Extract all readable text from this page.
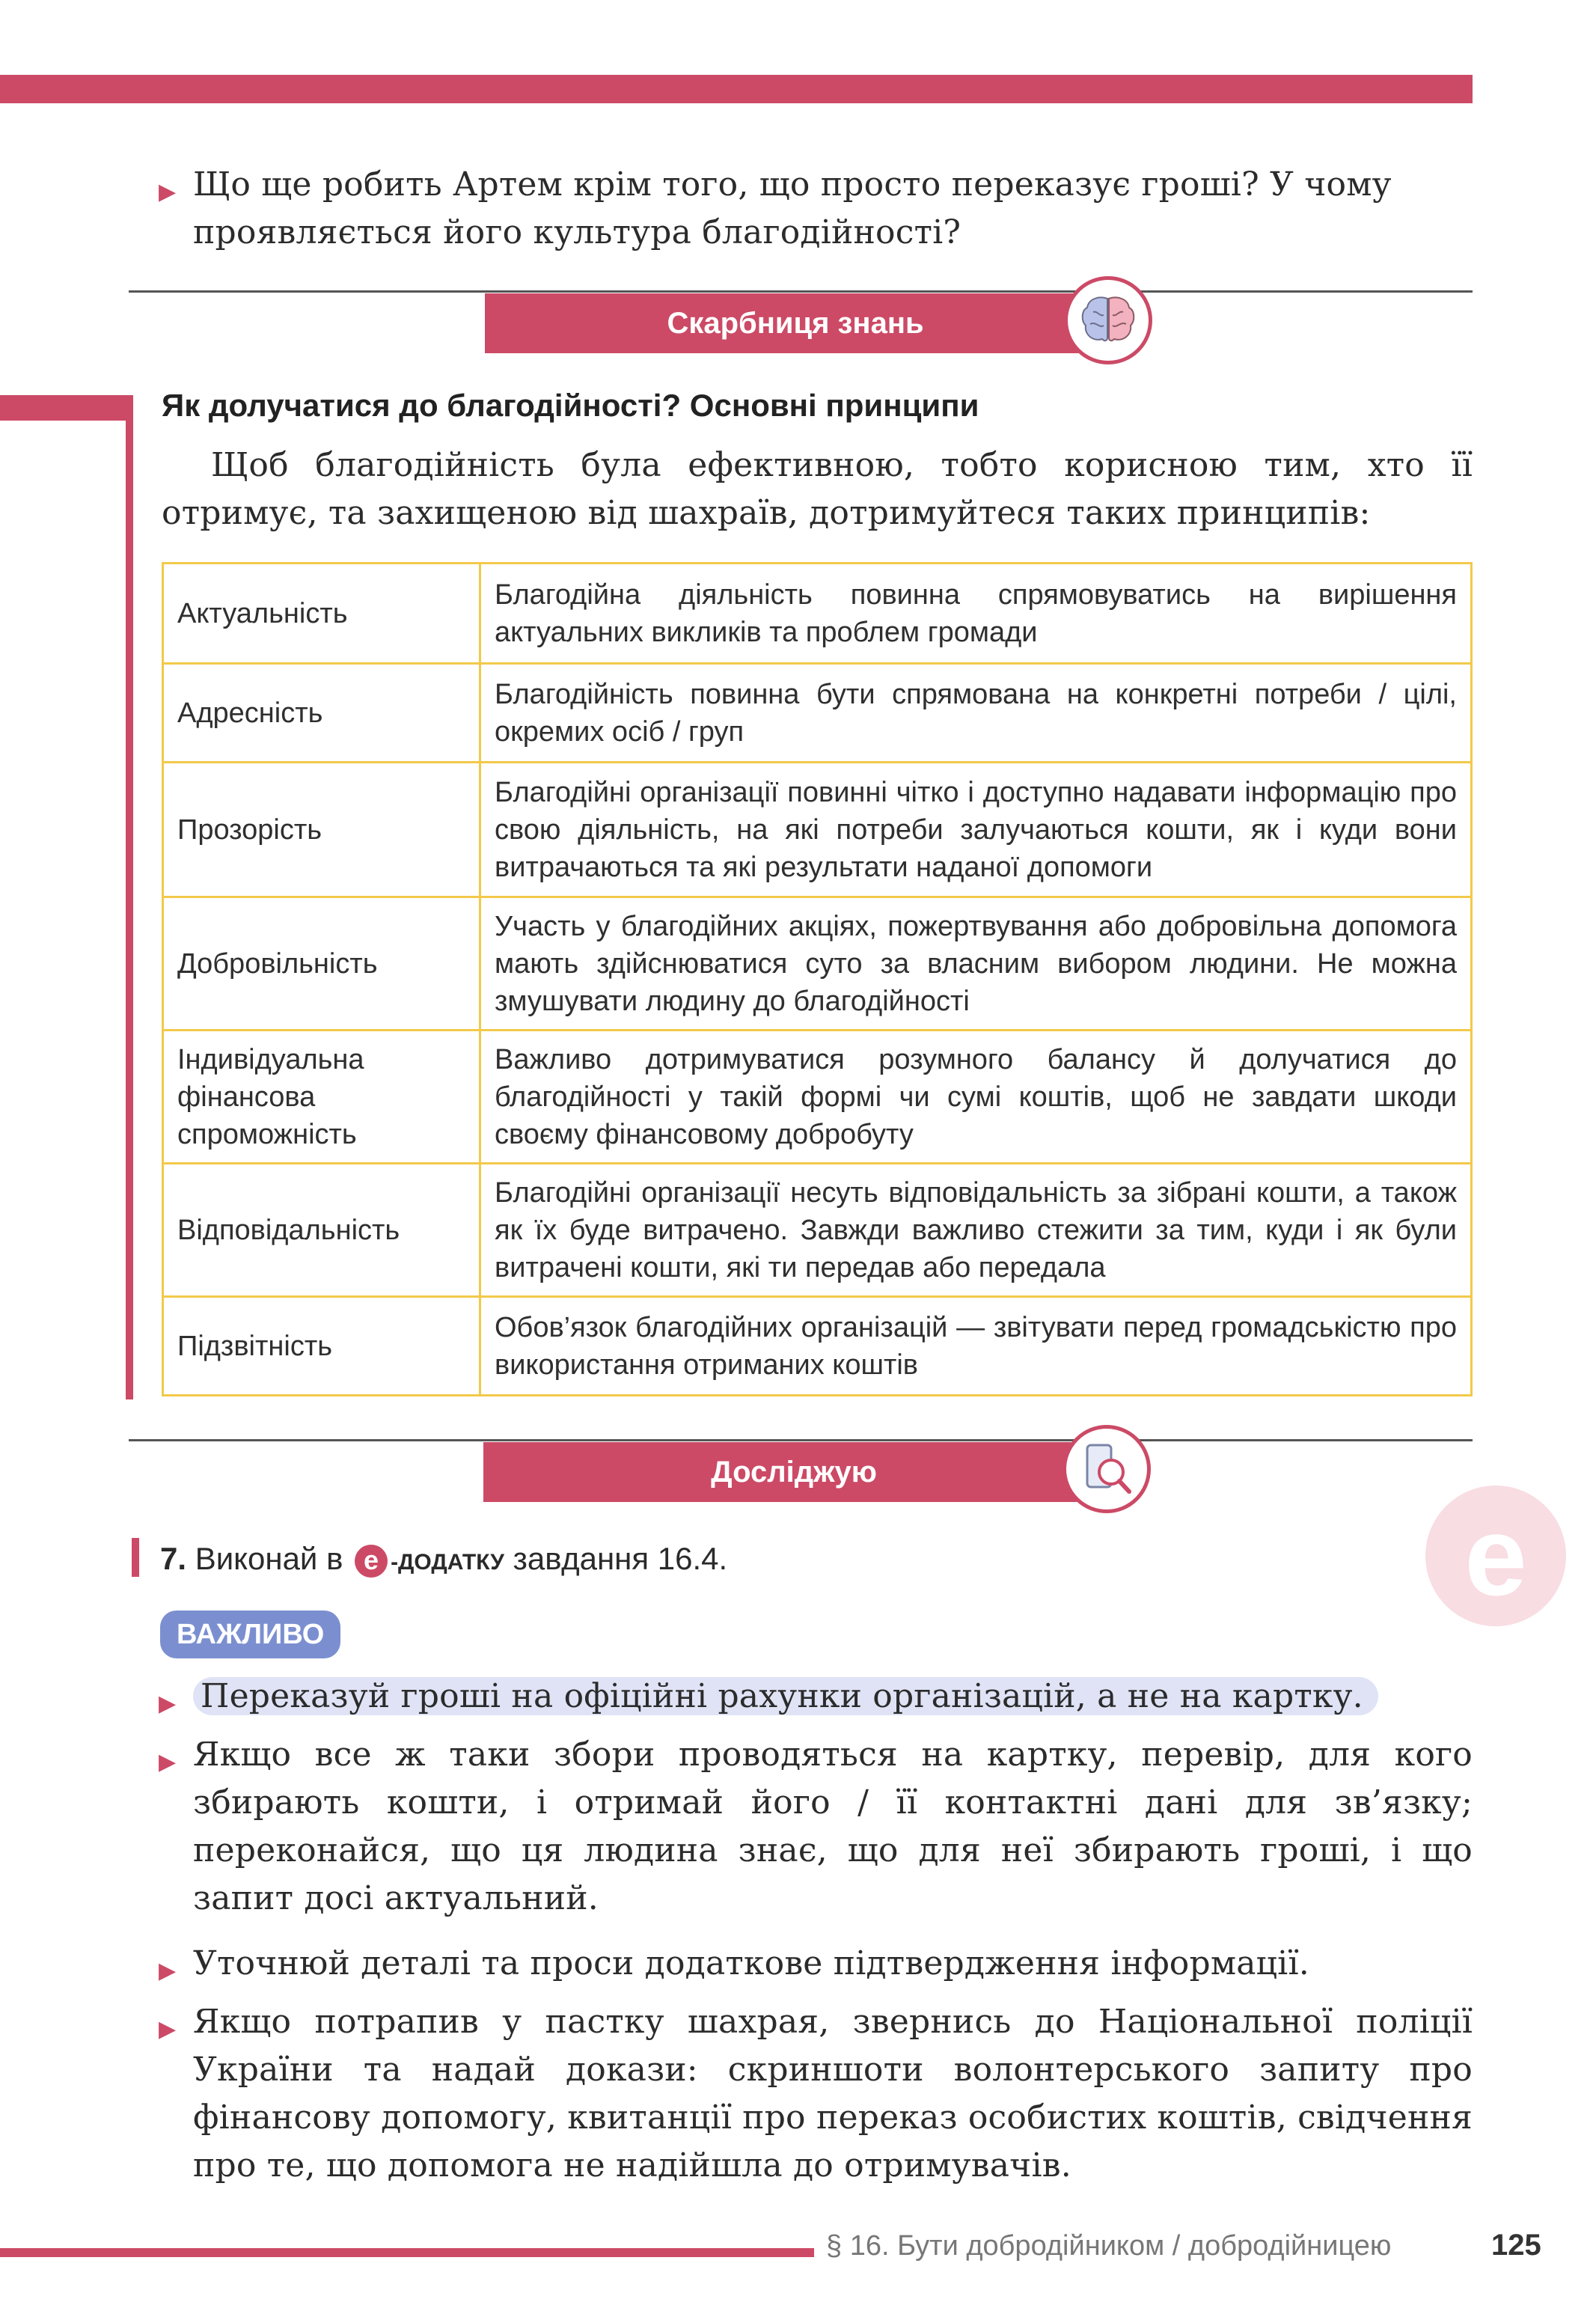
▶ Що ще робить Артем крім того, що просто переказує гроші? У чому проявляється його культура благодійності?
Скарбниця знань
Як долучатися до благодійності? Основні принципи
Щоб благодійність була ефективною, тобто корисною тим, хто її отримує, та захищеною від шахраїв, дотримуйтеся таких принципів:
Актуальність	Благодійна діяльність повинна спрямовуватись на вирішення актуальних викликів та проблем громади
Адресність	Благодійність повинна бути спрямована на конкретні потреби / цілі, окремих осіб / груп
Прозорість	Благодійні організації повинні чітко і доступно надавати інформацію про свою діяльність, на які потреби залучаються кошти, як і куди вони витрачаються та які результати наданої допомоги
Добровільність	Участь у благодійних акціях, пожертвування або добровільна допомога мають здійснюватися суто за власним вибором людини. Не можна змушувати людину до благодійності
Індивідуальна фінансова спроможність	Важливо дотримуватися розумного балансу й долучатися до благодійності у такій формі чи сумі коштів, щоб не завдати шкоди своєму фінансовому добробуту
Відповідальність	Благодійні організації несуть відповідальність за зібрані кошти, а також як їх буде витрачено. Завжди важливо стежити за тим, куди і як були витрачені кошти, які ти передав або передала
Підзвітність	Обов’язок благодійних організацій — звітувати перед громадськістю про використання отриманих коштів
Досліджую
e
7. Виконай в e -ДОДАТКУ завдання 16.4.
ВАЖЛИВО
▶ Переказуй гроші на офіційні рахунки організацій, а не на картку.
▶ Якщо все ж таки збори проводяться на картку, перевір, для кого збирають кошти, і отримай його / її контактні дані для зв’язку; переконайся, що ця людина знає, що для неї збирають гроші, і що запит досі актуальний.
▶ Уточнюй деталі та проси додаткове підтвердження інформації.
▶ Якщо потрапив у пастку шахрая, звернись до Національної поліції України та надай докази: скриншоти волонтерського запиту про фінансову допомогу, квитанції про переказ особистих коштів, свідчення про те, що допомога не надійшла до отримувачів.
§ 16. Бути добродійником / добродійницею	125
